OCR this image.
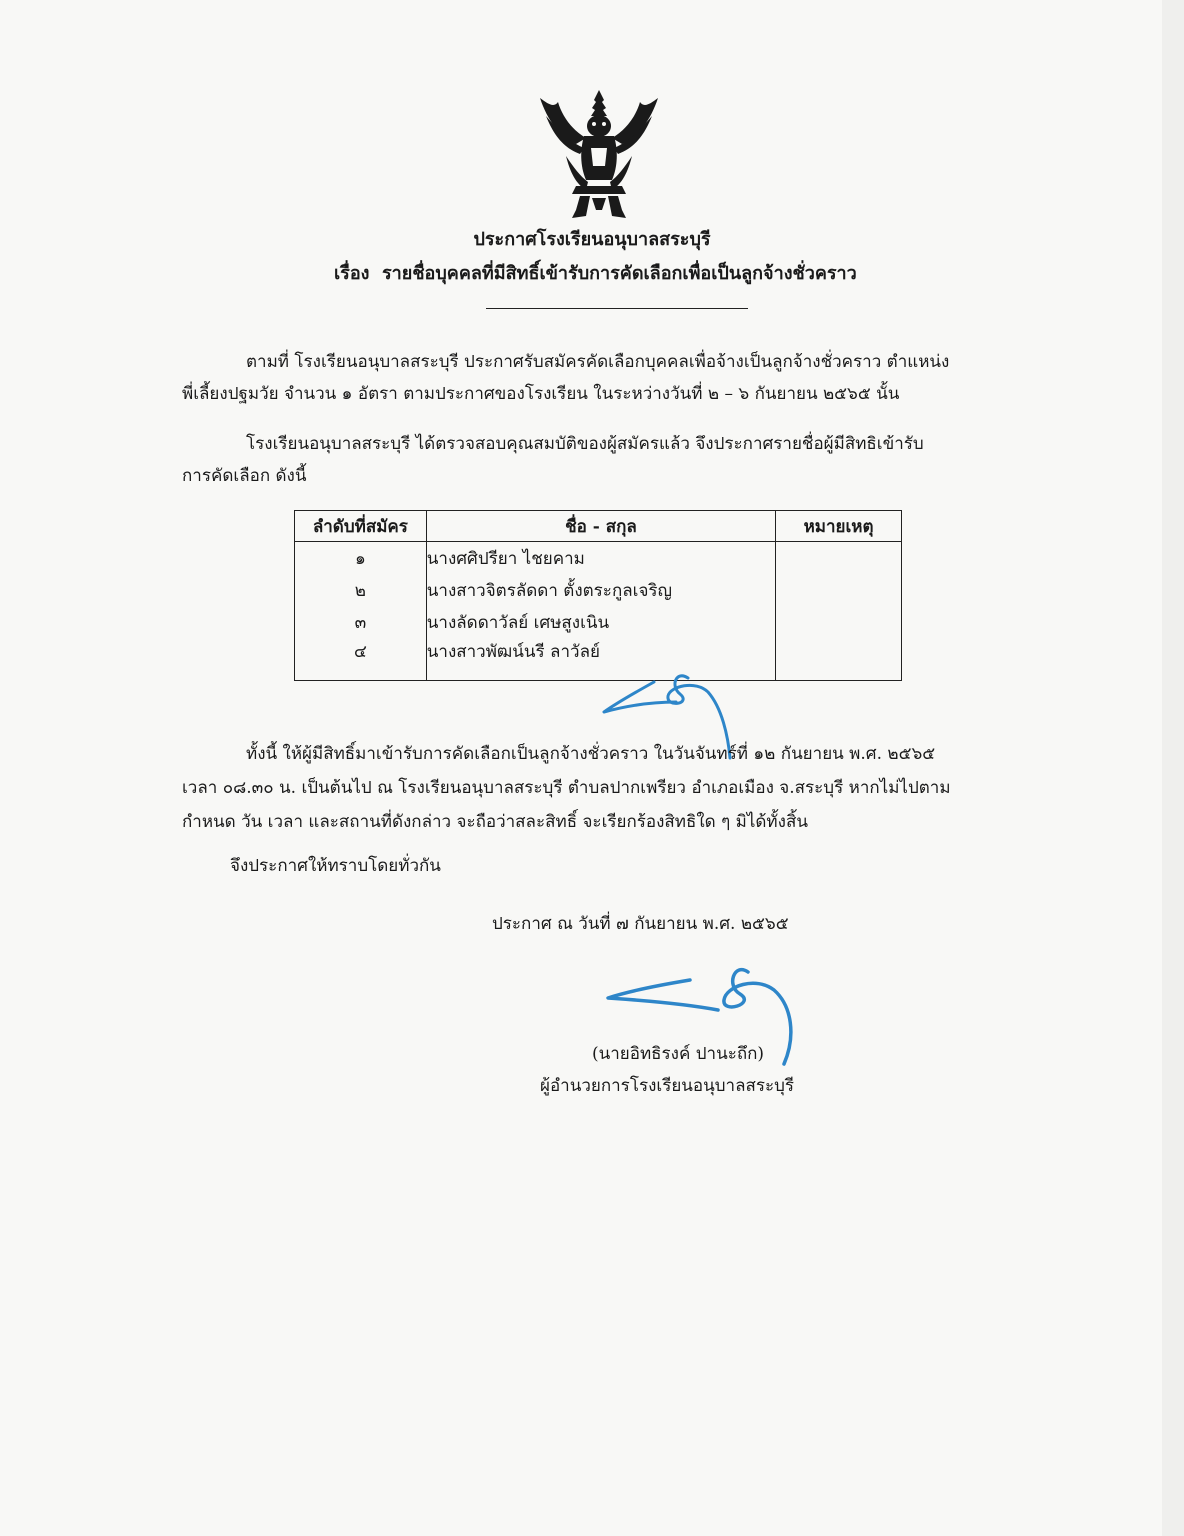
ประกาศโรงเรียนอนุบาลสระบุรี
เรื่อง รายชื่อบุคคลที่มีสิทธิ์เข้ารับการคัดเลือกเพื่อเป็นลูกจ้างชั่วคราว
ตามที่ โรงเรียนอนุบาลสระบุรี ประกาศรับสมัครคัดเลือกบุคคลเพื่อจ้างเป็นลูกจ้างชั่วคราว ตำแหน่ง
พี่เลี้ยงปฐมวัย จำนวน ๑ อัตรา ตามประกาศของโรงเรียน ในระหว่างวันที่ ๒ – ๖ กันยายน ๒๕๖๕ นั้น
โรงเรียนอนุบาลสระบุรี ได้ตรวจสอบคุณสมบัติของผู้สมัครแล้ว จึงประกาศรายชื่อผู้มีสิทธิเข้ารับ
การคัดเลือก ดังนี้
ลำดับที่สมัคร	ชื่อ - สกุล	หมายเหตุ
๑	นางศศิปรียา ไชยคาม	
๒	นางสาวจิตรลัดดา ตั้งตระกูลเจริญ	
๓	นางลัดดาวัลย์ เศษสูงเนิน	
๔	นางสาวพัฒน์นรี ลาวัลย์	
ทั้งนี้ ให้ผู้มีสิทธิ์มาเข้ารับการคัดเลือกเป็นลูกจ้างชั่วคราว ในวันจันทร์ที่ ๑๒ กันยายน พ.ศ. ๒๕๖๕
เวลา ๐๘.๓๐ น. เป็นต้นไป ณ โรงเรียนอนุบาลสระบุรี ตำบลปากเพรียว อำเภอเมือง จ.สระบุรี หากไม่ไปตาม
กำหนด วัน เวลา และสถานที่ดังกล่าว จะถือว่าสละสิทธิ์ จะเรียกร้องสิทธิใด ๆ มิได้ทั้งสิ้น
จึงประกาศให้ทราบโดยทั่วกัน
ประกาศ ณ วันที่ ๗ กันยายน พ.ศ. ๒๕๖๕
(นายอิทธิรงค์ ปานะถึก)
ผู้อำนวยการโรงเรียนอนุบาลสระบุรี
